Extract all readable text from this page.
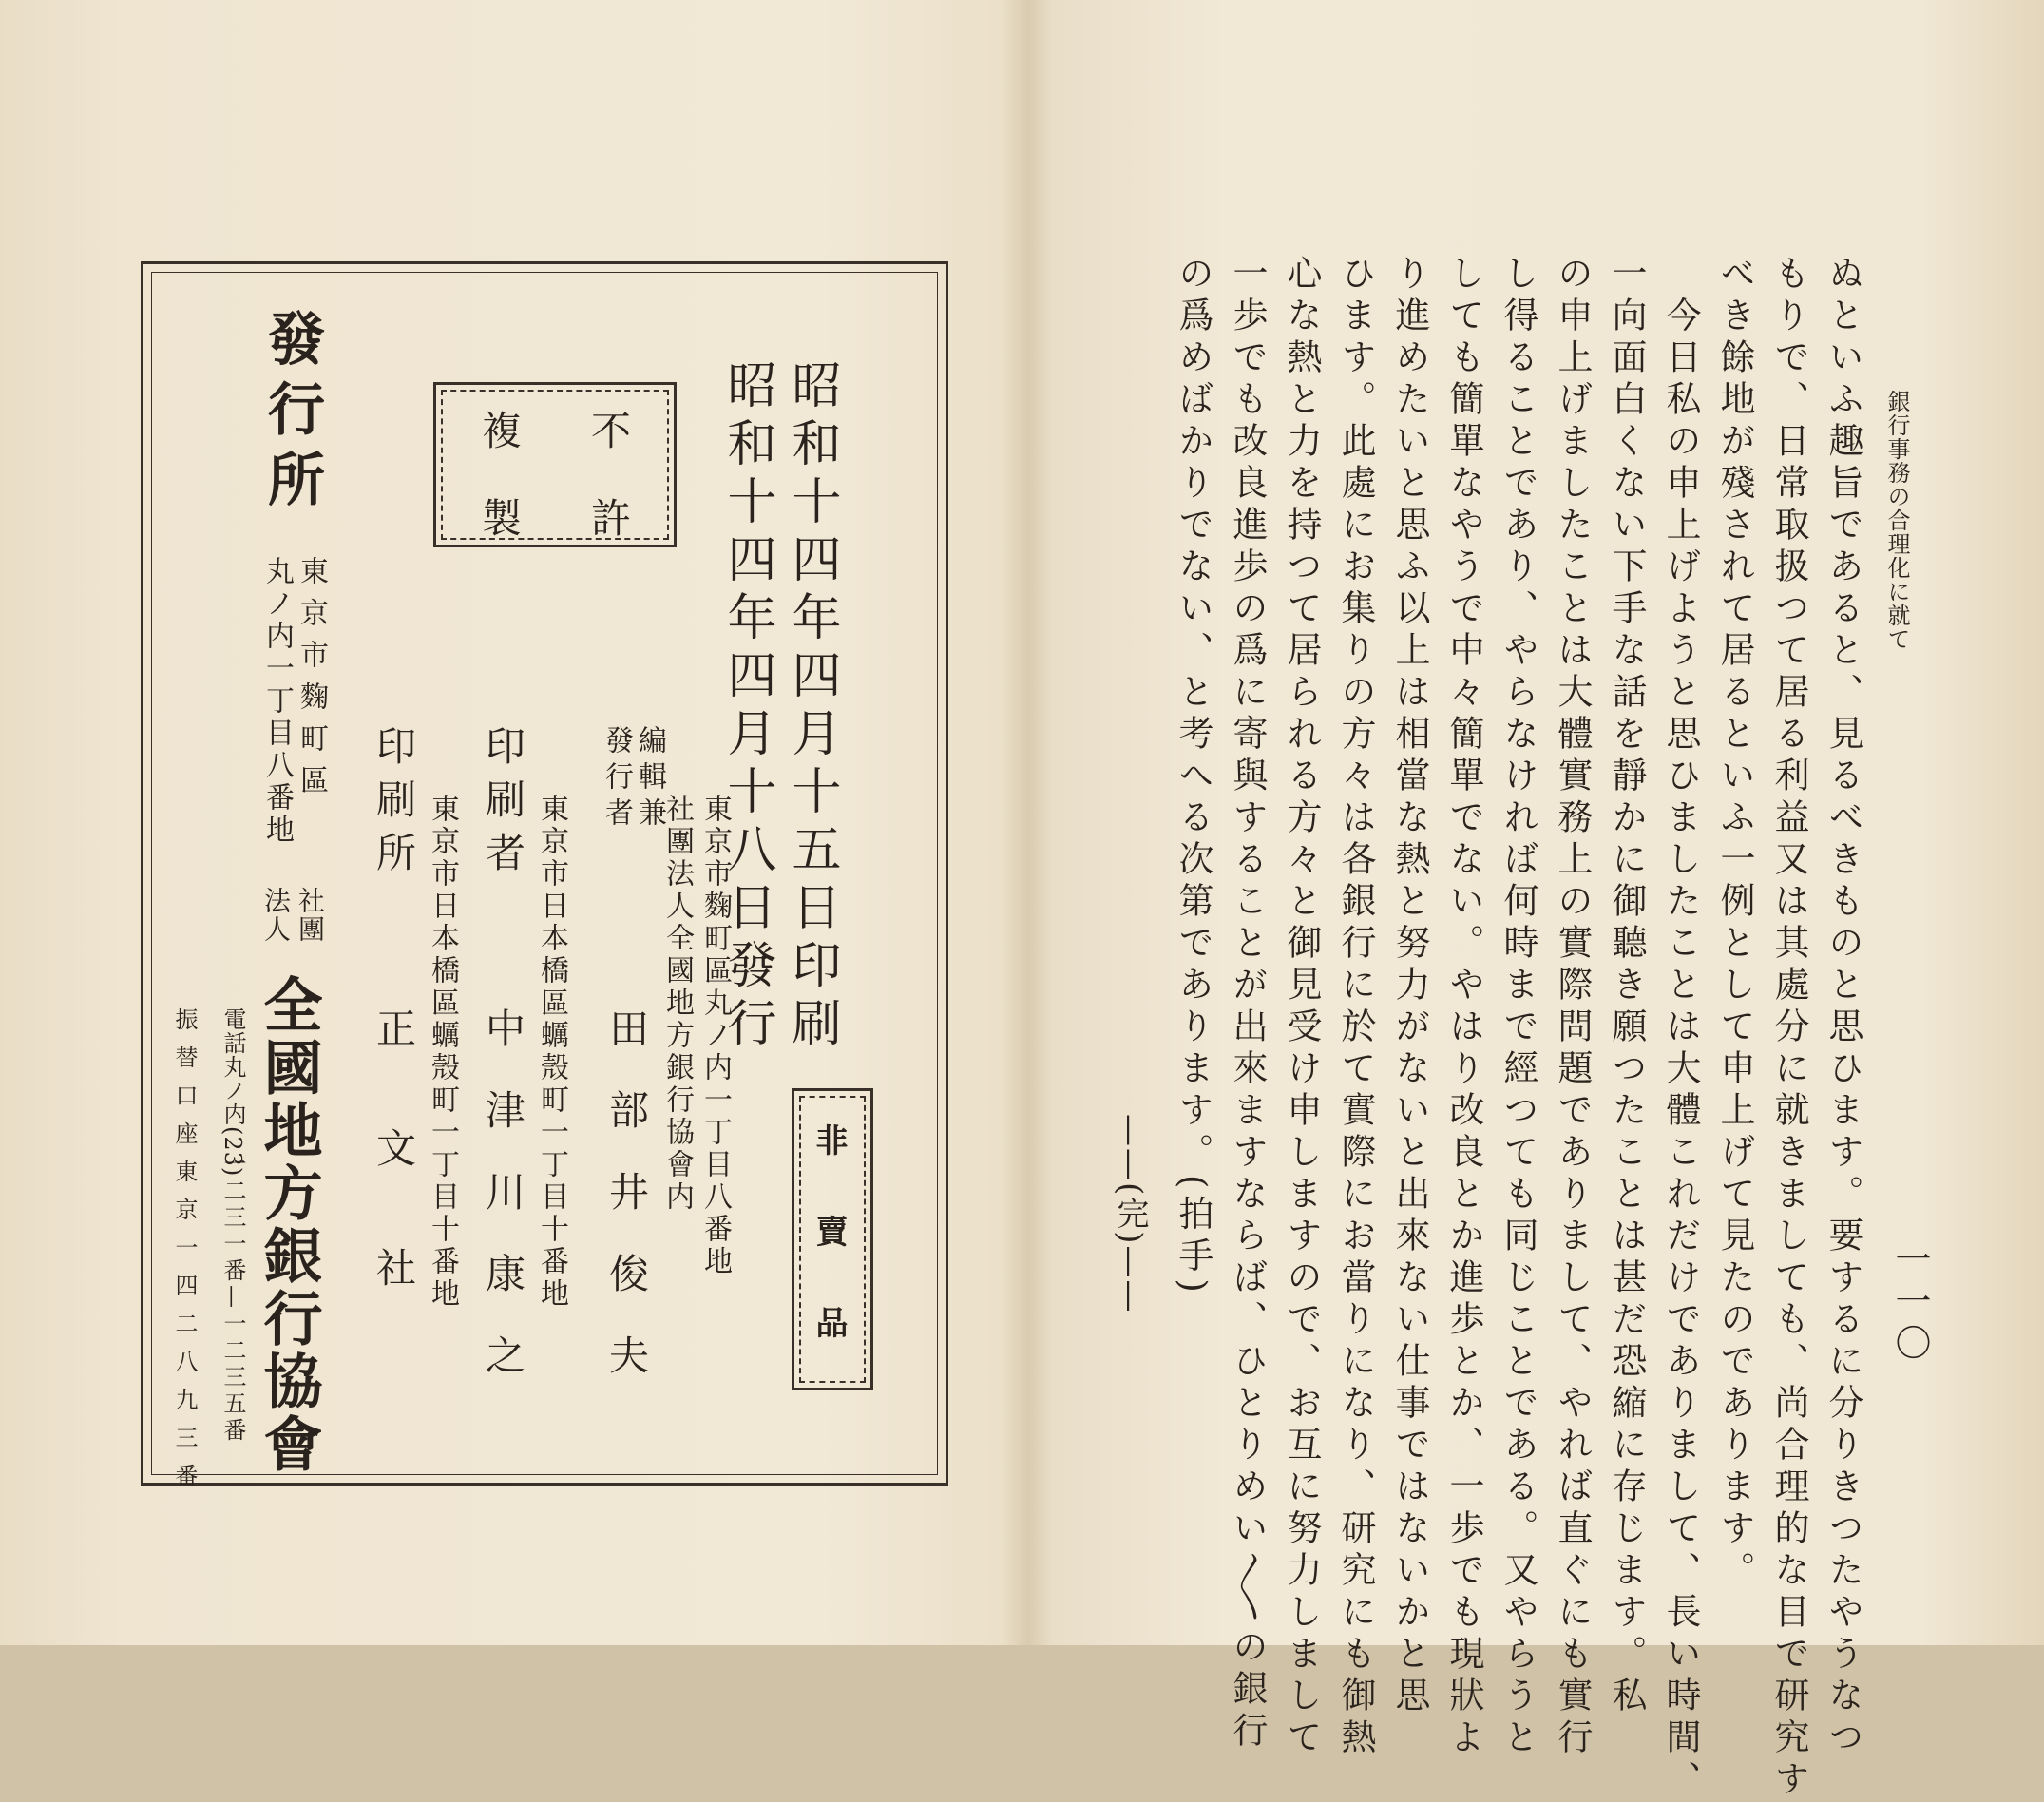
昭和十四年四月十五日印刷
昭和十四年四月十八日發行
不許
複製
非賣品
東京市麴町區丸ノ内一丁目八番地
社團法人全國地方銀行協會内
編輯兼
發行者
田部井俊夫
東京市日本橋區蠣殼町一丁目十番地
印刷者
中津川康之
東京市日本橋區蠣殼町一丁目十番地
印刷所
正文社
發行所
東京市麴町區
丸ノ内一丁目八番地
社團
法人
全國地方銀行協會
電話丸ノ内(23)
一二三一番—一二三五番
振替口座東京一四二八九三番
銀行事務の合理化に就て
一一〇
ぬといふ趣旨であると、見るべきものと思ひます。要するに分りきつたやうなつ
もりで、日常取扱つて居る利益又は其處分に就きましても、尚合理的な目で研究す
べき餘地が殘されて居るといふ一例として申上げて見たのであります。
今日私の申上げようと思ひましたことは大體これだけでありまして、長い時間、
一向面白くない下手な話を靜かに御聽き願つたことは甚だ恐縮に存じます。私
の申上げましたことは大體實務上の實際問題でありまして、やれば直ぐにも實行
し得ることであり、やらなければ何時まで經つても同じことである。又やらうと
しても簡單なやうで中々簡單でない。やはり改良とか進歩とか、一歩でも現狀よ
り進めたいと思ふ以上は相當な熱と努力がないと出來ない仕事ではないかと思
ひます。此處にお集りの方々は各銀行に於て實際にお當りになり、研究にも御熱
心な熱と力を持つて居られる方々と御見受け申しますので、お互に努力しまして
一歩でも改良進歩の爲に寄與することが出來ますならば、ひとりめい〳〵の銀行
の爲めばかりでない、と考へる次第であります。(拍手)
——(完)——
